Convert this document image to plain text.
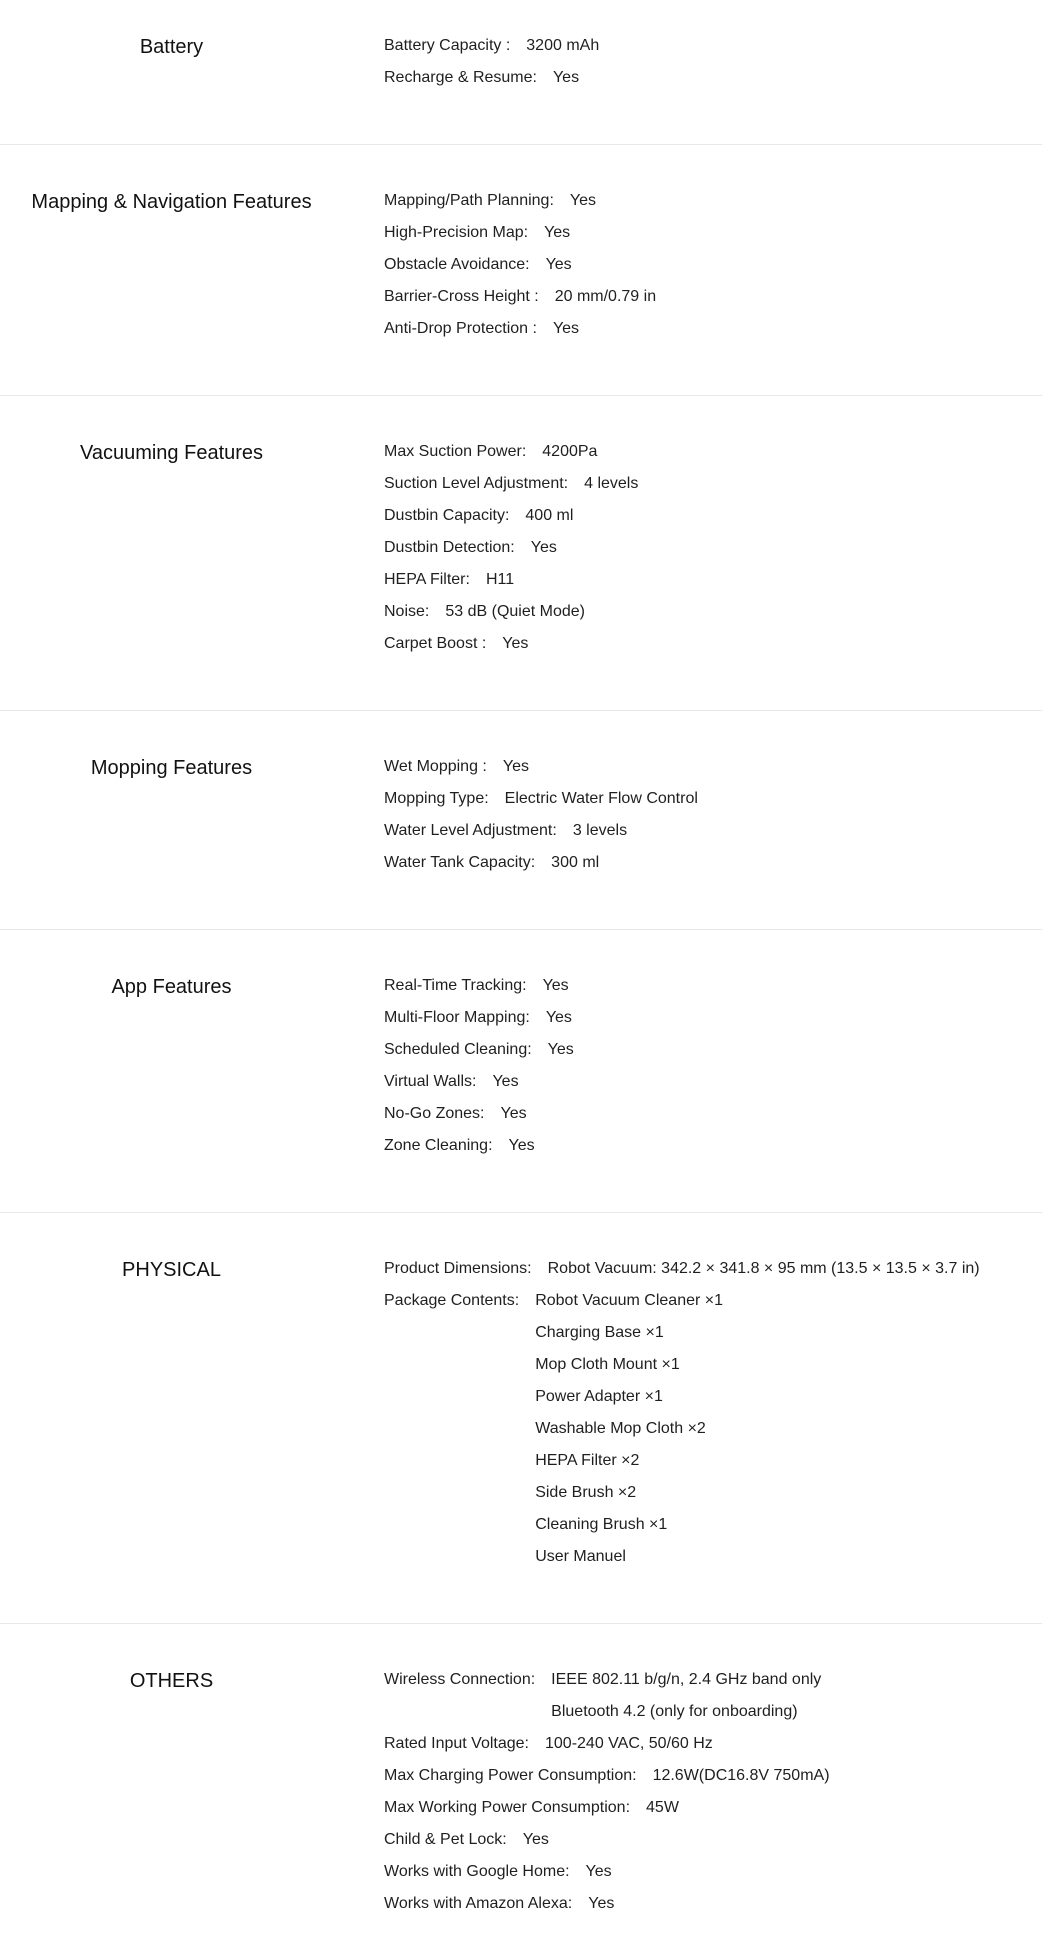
Battery	Battery Capacity : 3200 mAh
Recharge & Resume: Yes
Mapping & Navigation Features	Mapping/Path Planning: Yes
High-Precision Map: Yes
Obstacle Avoidance: Yes
Barrier-Cross Height : 20 mm/0.79 in
Anti-Drop Protection : Yes
Vacuuming Features	Max Suction Power: 4200Pa
Suction Level Adjustment: 4 levels
Dustbin Capacity: 400 ml
Dustbin Detection: Yes
HEPA Filter: H11
Noise: 53 dB (Quiet Mode)
Carpet Boost : Yes
Mopping Features	Wet Mopping : Yes
Mopping Type: Electric Water Flow Control
Water Level Adjustment: 3 levels
Water Tank Capacity: 300 ml
App Features	Real-Time Tracking: Yes
Multi-Floor Mapping: Yes
Scheduled Cleaning: Yes
Virtual Walls: Yes
No-Go Zones: Yes
Zone Cleaning: Yes
PHYSICAL	Product Dimensions: Robot Vacuum: 342.2 × 341.8 × 95 mm (13.5 × 13.5 × 3.7 in)
Package Contents: Robot Vacuum Cleaner ×1
Charging Base ×1
Mop Cloth Mount ×1
Power Adapter ×1
Washable Mop Cloth ×2
HEPA Filter ×2
Side Brush ×2
Cleaning Brush ×1
User Manuel
OTHERS	Wireless Connection: IEEE 802.11 b/g/n, 2.4 GHz band only
Bluetooth 4.2 (only for onboarding)
Rated Input Voltage: 100-240 VAC, 50/60 Hz
Max Charging Power Consumption: 12.6W(DC16.8V 750mA)
Max Working Power Consumption: 45W
Child & Pet Lock: Yes
Works with Google Home: Yes
Works with Amazon Alexa: Yes
